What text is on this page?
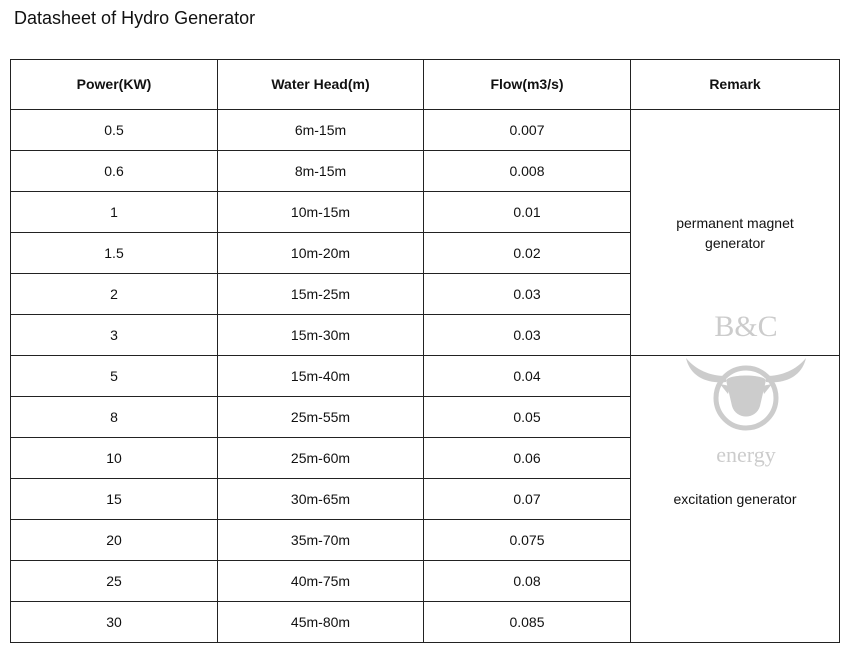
Datasheet of Hydro Generator
Power(KW)	Water Head(m)	Flow(m3/s)	Remark
0.5	6m-15m	0.007	permanent magnet generator
0.6	8m-15m	0.008	
1	10m-15m	0.01	
1.5	10m-20m	0.02	
2	15m-25m	0.03	
3	15m-30m	0.03	
5	15m-40m	0.04	excitation generator
8	25m-55m	0.05	
10	25m-60m	0.06	
15	30m-65m	0.07	
20	35m-70m	0.075	
25	40m-75m	0.08	
30	45m-80m	0.085	
B&C
energy
